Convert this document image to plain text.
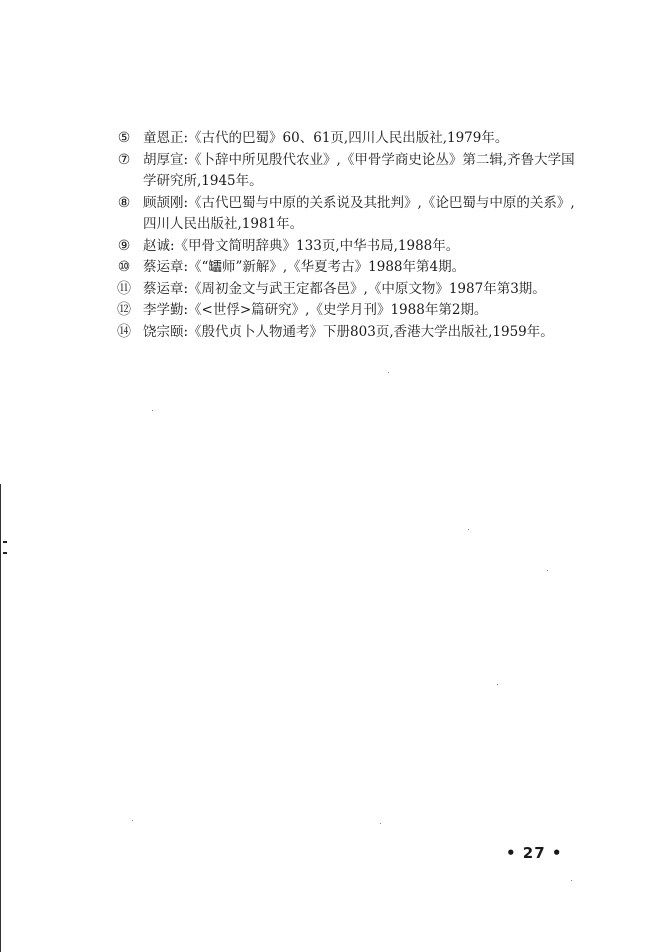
⑤ 童恩正:《古代的巴蜀》60、61页,四川人民出版社,1979年。
⑦ 胡厚宣:《卜辞中所见殷代农业》,《甲骨学商史论丛》第二辑,齐鲁大学国学研究所,1945年。
⑧ 顾颉刚:《古代巴蜀与中原的关系说及其批判》,《论巴蜀与中原的关系》,四川人民出版社,1981年。
⑨ 赵诚:《甲骨文简明辞典》133页,中华书局,1988年。
⑩ 蔡运章:《“𦉢师”新解》,《华夏考古》1988年第4期。
⑪ 蔡运章:《周初金文与武王定都各邑》,《中原文物》1987年第3期。
⑫ 李学勤:《<世俘>篇研究》,《史学月刊》1988年第2期。
⑭ 饶宗颐:《殷代贞卜人物通考》下册803页,香港大学出版社,1959年。
• 27 •
